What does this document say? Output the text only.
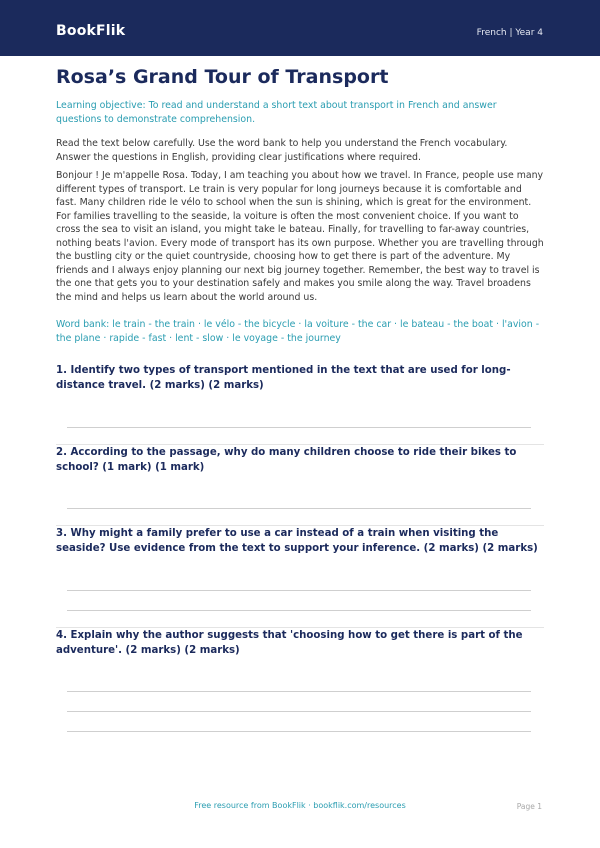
BookFlik	French | Year 4
Rosa’s Grand Tour of Transport
Learning objective: To read and understand a short text about transport in French and answer questions to demonstrate comprehension.
Read the text below carefully. Use the word bank to help you understand the French vocabulary. Answer the questions in English, providing clear justifications where required.
Bonjour ! Je m'appelle Rosa. Today, I am teaching you about how we travel. In France, people use many different types of transport. Le train is very popular for long journeys because it is comfortable and fast. Many children ride le vélo to school when the sun is shining, which is great for the environment. For families travelling to the seaside, la voiture is often the most convenient choice. If you want to cross the sea to visit an island, you might take le bateau. Finally, for travelling to far-away countries, nothing beats l'avion. Every mode of transport has its own purpose. Whether you are travelling through the bustling city or the quiet countryside, choosing how to get there is part of the adventure. My friends and I always enjoy planning our next big journey together. Remember, the best way to travel is the one that gets you to your destination safely and makes you smile along the way. Travel broadens the mind and helps us learn about the world around us.
Word bank: le train - the train · le vélo - the bicycle · la voiture - the car · le bateau - the boat · l'avion - the plane · rapide - fast · lent - slow · le voyage - the journey
1. Identify two types of transport mentioned in the text that are used for long-distance travel. (2 marks) (2 marks)
2. According to the passage, why do many children choose to ride their bikes to school? (1 mark) (1 mark)
3. Why might a family prefer to use a car instead of a train when visiting the seaside? Use evidence from the text to support your inference. (2 marks) (2 marks)
4. Explain why the author suggests that 'choosing how to get there is part of the adventure'. (2 marks) (2 marks)
Free resource from BookFlik · bookflik.com/resources	Page 1
